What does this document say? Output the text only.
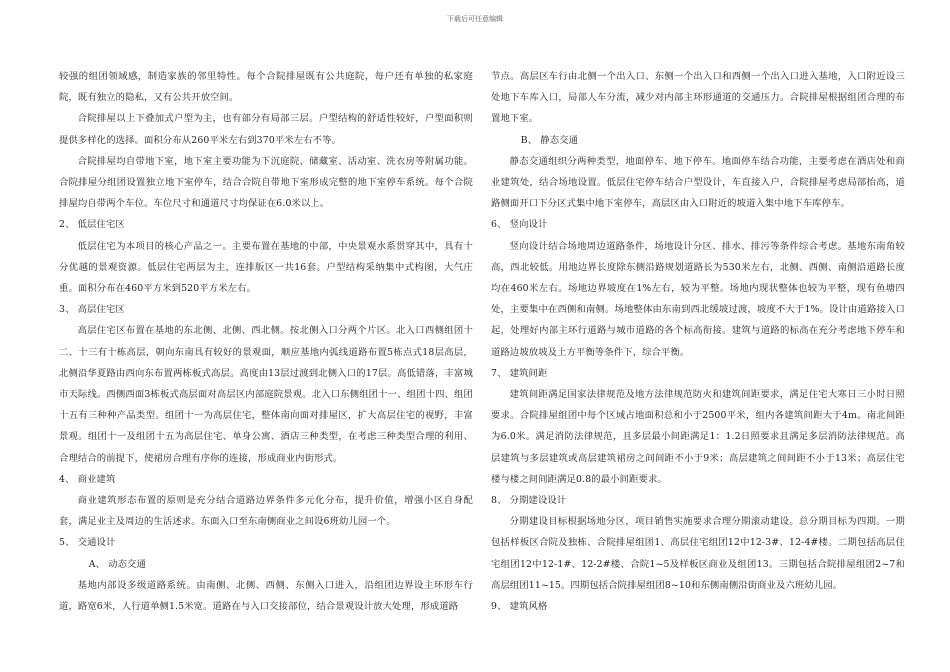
下载后可任意编辑

较强的组团领域感，制造家族的邻里特性。每个合院排屋既有公共庭院，每户还有单独的私家庭院，既有独立的隐私，又有公共开放空间。

合院排屋以上下叠加式户型为主，也有部分有局部三层。户型结构的舒适性较好，户型面积则提供多样化的选择。面积分布从260平米左右到370平米左右不等。

合院排屋均自带地下室，地下室主要功能为下沉庭院、储藏室、活动室、洗衣房等附属功能。合院排屋分组团设置独立地下室停车，结合合院自带地下室形成完整的地下室停车系统。每个合院排屋均自带两个车位。车位尺寸和通道尺寸均保证在6.0米以上。

2、 低层住宅区

低层住宅为本项目的核心产品之一。主要布置在基地的中部，中央景观水系贯穿其中，具有十分优越的景观资源。低层住宅两层为主，连排版区一共16套。户型结构采纳集中式构图，大气庄重。面积分布在460平方米到520平方米左右。

3、 高层住宅区

高层住宅区布置在基地的东北侧、北侧、西北侧。按北侧入口分两个片区。北入口西侧组团十二、十三有十栋高层，朝向东南具有较好的景观面，顺应基地内弧线道路布置5栋点式18层高层，北侧沿华夏路由西向东布置两栋板式高层。高度由13层过渡到北侧入口的17层。高低错落，丰富城市天际线。西侧西面3栋板式高层面对高层区内部庭院景观。北入口东侧组团十一、组团十四、组团十五有三种种产品类型。组团十一为高层住宅，整体南向面对排屋区，扩大高层住宅的视野，丰富景观。组团十一及组团十五为高层住宅、单身公寓、酒店三种类型，在考虑三种类型合理的利用、合理结合的前提下，使裙房合理有序你的连接，形成商业内街形式。

4、 商业建筑

商业建筑形态布置的原则是充分结合道路边界条件多元化分布，提升价值，增强小区自身配套，满足业主及周边的生活述求。东面入口至东南侧商业之间设6班幼儿园一个。

5、 交通设计

A、 动态交通

基地内部设多级道路系统。由南侧、北侧、西侧、东侧入口进入，沿组团边界设主环形车行道，路宽6米，人行道单侧1.5米宽。道路在与入口交接部位，结合景观设计放大处理，形成道路

节点。高层区车行由北侧一个出入口、东侧一个出入口和西侧一个出入口进入基地，入口附近设三处地下车库入口，局部人车分流，减少对内部主环形通道的交通压力。合院排屋根据组团合理的布置地下室。

B、 静态交通

静态交通组织分两种类型，地面停车、地下停车。地面停车结合功能，主要考虑在酒店处和商业建筑处，结合场地设置。低层住宅停车结合户型设计，车直接入户，合院排屋考虑局部抬高，道路侧面开口下分区式集中地下室停车，高层区由入口附近的坡道入集中地下车库停车。

6、 竖向设计

竖向设计结合场地周边道路条件，场地设计分区、排水、排污等条件综合考虑。基地东南角较高，西北较低。用地边界长度除东侧沿路规划道路长为530米左右，北侧、西侧、南侧沿道路长度均在460米左右。场地边界坡度在1%左右，较为平整。场地内现状整体也较为平整，现有鱼塘四处，主要集中在西侧和南侧。场地整体由东南到西北缓坡过渡，坡度不大于1%。设计由道路接入口起，处理好内部主环行道路与城市道路的各个标高衔接。建筑与道路的标高在充分考虑地下停车和道路边坡放坡及土方平衡等条件下，综合平衡。

7、 建筑间距

建筑间距满足国家法律规范及地方法律规范防火和建筑间距要求，满足住宅大寒日三小时日照要求。合院排屋组团中每个区域占地面积总和小于2500平米，组内各建筑间距大于4m。南北间距为6.0米。满足消防法律规范，且多层最小间距满足1：1.2日照要求且满足多层消防法律规范。高层建筑与多层建筑或高层建筑裙房之间间距不小于9米；高层建筑之间间距不小于13米；高层住宅楼与楼之间间距满足0.8的最小间距要求。

8、 分期建设设计

分期建设目标根据场地分区，项目销售实施要求合理分期滚动建设。总分期目标为四期。一期包括样板区合院及独栋、合院排屋组团1、高层住宅组团12中12-3#、12-4#楼。二期包括高层住宅组团12中12-1#、12-2#楼、合院1~5及样板区商业及组团13。三期包括合院排屋组团2~7和高层组团11~15。四期包括合院排屋组团8~10和东侧南侧沿街商业及六班幼儿园。

9、 建筑风格
